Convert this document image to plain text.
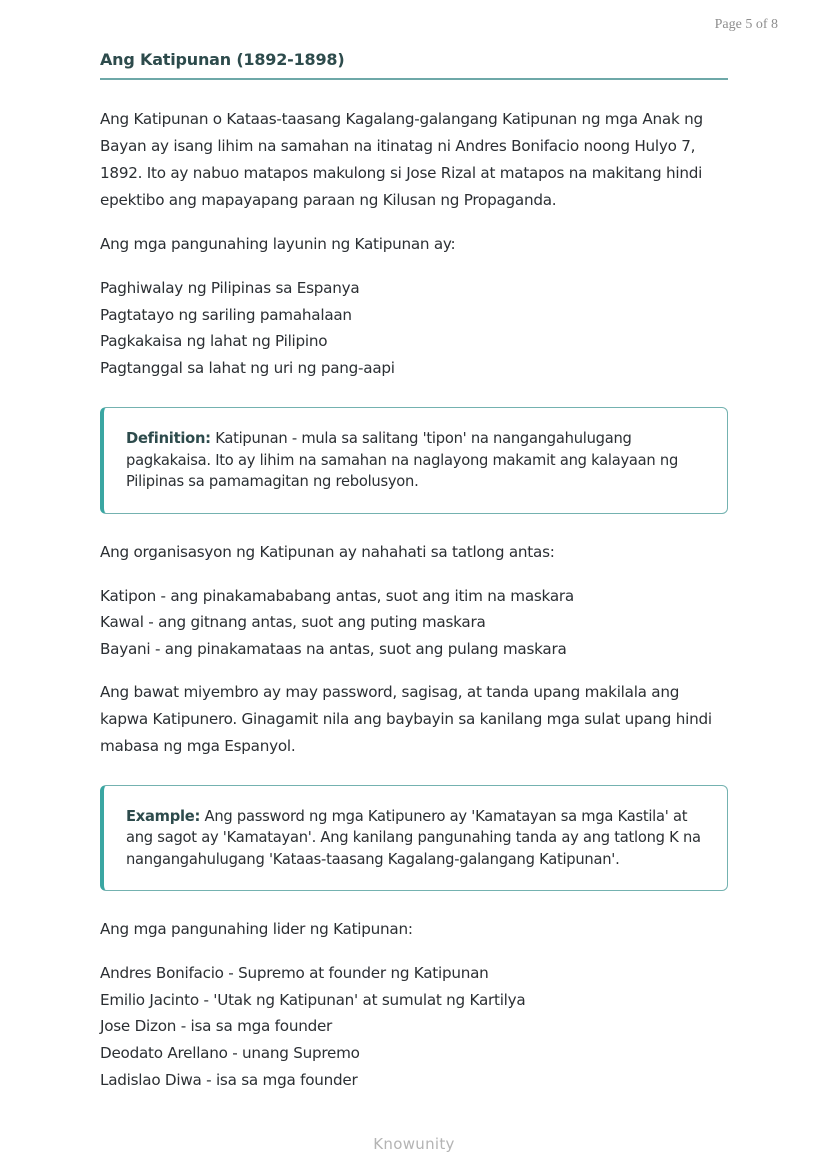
Page 5 of 8
Ang Katipunan (1892-1898)

Ang Katipunan o Kataas-taasang Kagalang-galangang Katipunan ng mga Anak ng Bayan ay isang lihim na samahan na itinatag ni Andres Bonifacio noong Hulyo 7, 1892. Ito ay nabuo matapos makulong si Jose Rizal at matapos na makitang hindi epektibo ang mapayapang paraan ng Kilusan ng Propaganda.

Ang mga pangunahing layunin ng Katipunan ay:

Paghiwalay ng Pilipinas sa Espanya
Pagtatayo ng sariling pamahalaan
Pagkakaisa ng lahat ng Pilipino
Pagtanggal sa lahat ng uri ng pang-aapi
Definition: Katipunan - mula sa salitang 'tipon' na nangangahulugang pagkakaisa. Ito ay lihim na samahan na naglayong makamit ang kalayaan ng Pilipinas sa pamamagitan ng rebolusyon.

Ang organisasyon ng Katipunan ay nahahati sa tatlong antas:

Katipon - ang pinakamababang antas, suot ang itim na maskara
Kawal - ang gitnang antas, suot ang puting maskara
Bayani - ang pinakamataas na antas, suot ang pulang maskara

Ang bawat miyembro ay may password, sagisag, at tanda upang makilala ang kapwa Katipunero. Ginagamit nila ang baybayin sa kanilang mga sulat upang hindi mabasa ng mga Espanyol.

Example: Ang password ng mga Katipunero ay 'Kamatayan sa mga Kastila' at ang sagot ay 'Kamatayan'. Ang kanilang pangunahing tanda ay ang tatlong K na nangangahulugang 'Kataas-taasang Kagalang-galangang Katipunan'.

Ang mga pangunahing lider ng Katipunan:

Andres Bonifacio - Supremo at founder ng Katipunan
Emilio Jacinto - 'Utak ng Katipunan' at sumulat ng Kartilya
Jose Dizon - isa sa mga founder
Deodato Arellano - unang Supremo
Ladislao Diwa - isa sa mga founder
Knowunity
